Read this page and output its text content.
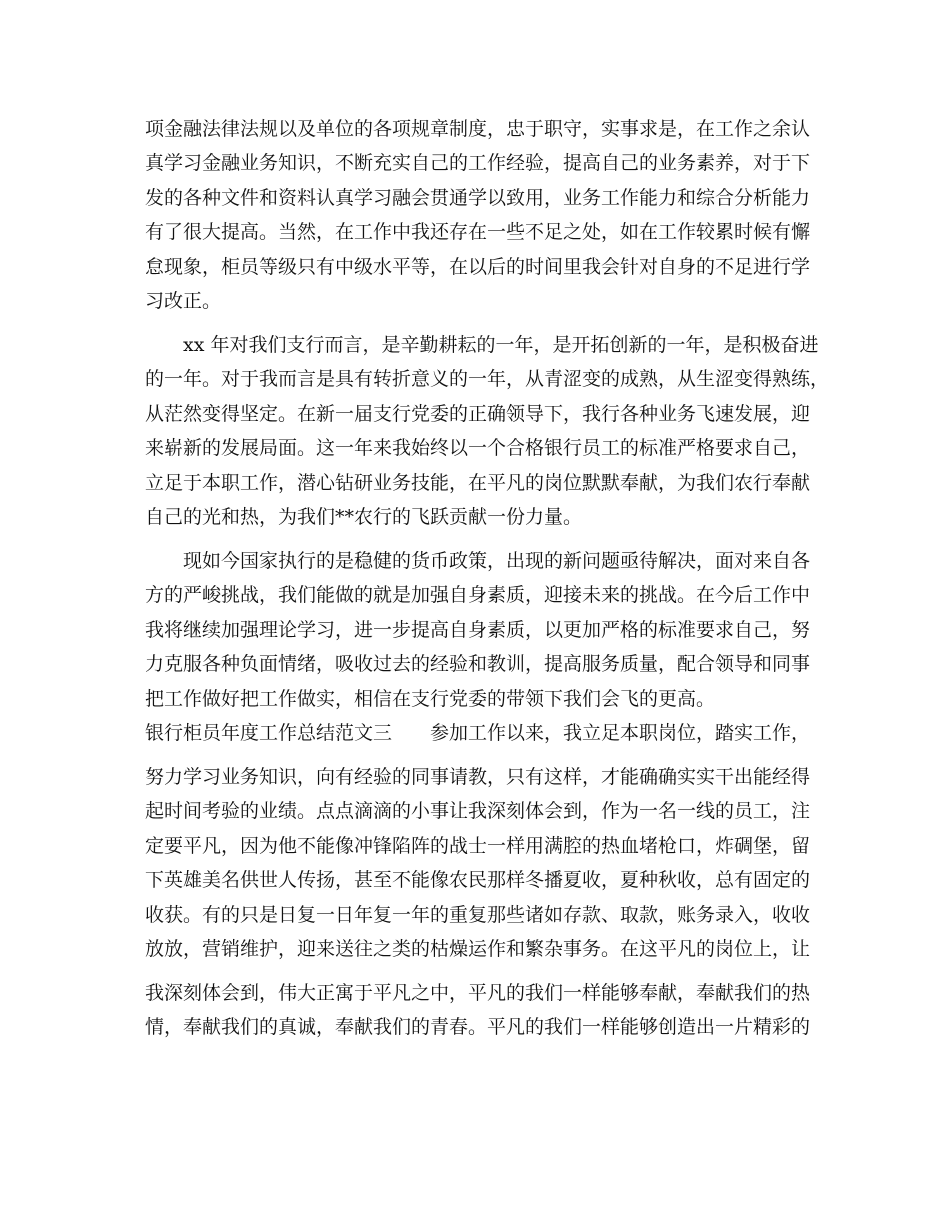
项金融法律法规以及单位的各项规章制度，忠于职守，实事求是，在工作之余认

真学习金融业务知识，不断充实自己的工作经验，提高自己的业务素养，对于下

发的各种文件和资料认真学习融会贯通学以致用，业务工作能力和综合分析能力

有了很大提高。当然，在工作中我还存在一些不足之处，如在工作较累时候有懈

怠现象，柜员等级只有中级水平等，在以后的时间里我会针对自身的不足进行学

习改正。

　　xx 年对我们支行而言，是辛勤耕耘的一年，是开拓创新的一年，是积极奋进

的一年。对于我而言是具有转折意义的一年，从青涩变的成熟，从生涩变得熟练，

从茫然变得坚定。在新一届支行党委的正确领导下，我行各种业务飞速发展，迎

来崭新的发展局面。这一年来我始终以一个合格银行员工的标准严格要求自己，

立足于本职工作，潜心钻研业务技能，在平凡的岗位默默奉献，为我们农行奉献

自己的光和热，为我们**农行的飞跃贡献一份力量。

　　现如今国家执行的是稳健的货币政策，出现的新问题亟待解决，面对来自各

方的严峻挑战，我们能做的就是加强自身素质，迎接未来的挑战。在今后工作中

我将继续加强理论学习，进一步提高自身素质，以更加严格的标准要求自己，努

力克服各种负面情绪，吸收过去的经验和教训，提高服务质量，配合领导和同事

把工作做好把工作做实，相信在支行党委的带领下我们会飞的更高。

银行柜员年度工作总结范文三　　参加工作以来，我立足本职岗位，踏实工作，

努力学习业务知识，向有经验的同事请教，只有这样，才能确确实实干出能经得

起时间考验的业绩。点点滴滴的小事让我深刻体会到，作为一名一线的员工，注

定要平凡，因为他不能像冲锋陷阵的战士一样用满腔的热血堵枪口，炸碉堡，留

下英雄美名供世人传扬，甚至不能像农民那样冬播夏收，夏种秋收，总有固定的

收获。有的只是日复一日年复一年的重复那些诸如存款、取款，账务录入，收收

放放，营销维护，迎来送往之类的枯燥运作和繁杂事务。在这平凡的岗位上，让

我深刻体会到，伟大正寓于平凡之中，平凡的我们一样能够奉献，奉献我们的热

情，奉献我们的真诚，奉献我们的青春。平凡的我们一样能够创造出一片精彩的
